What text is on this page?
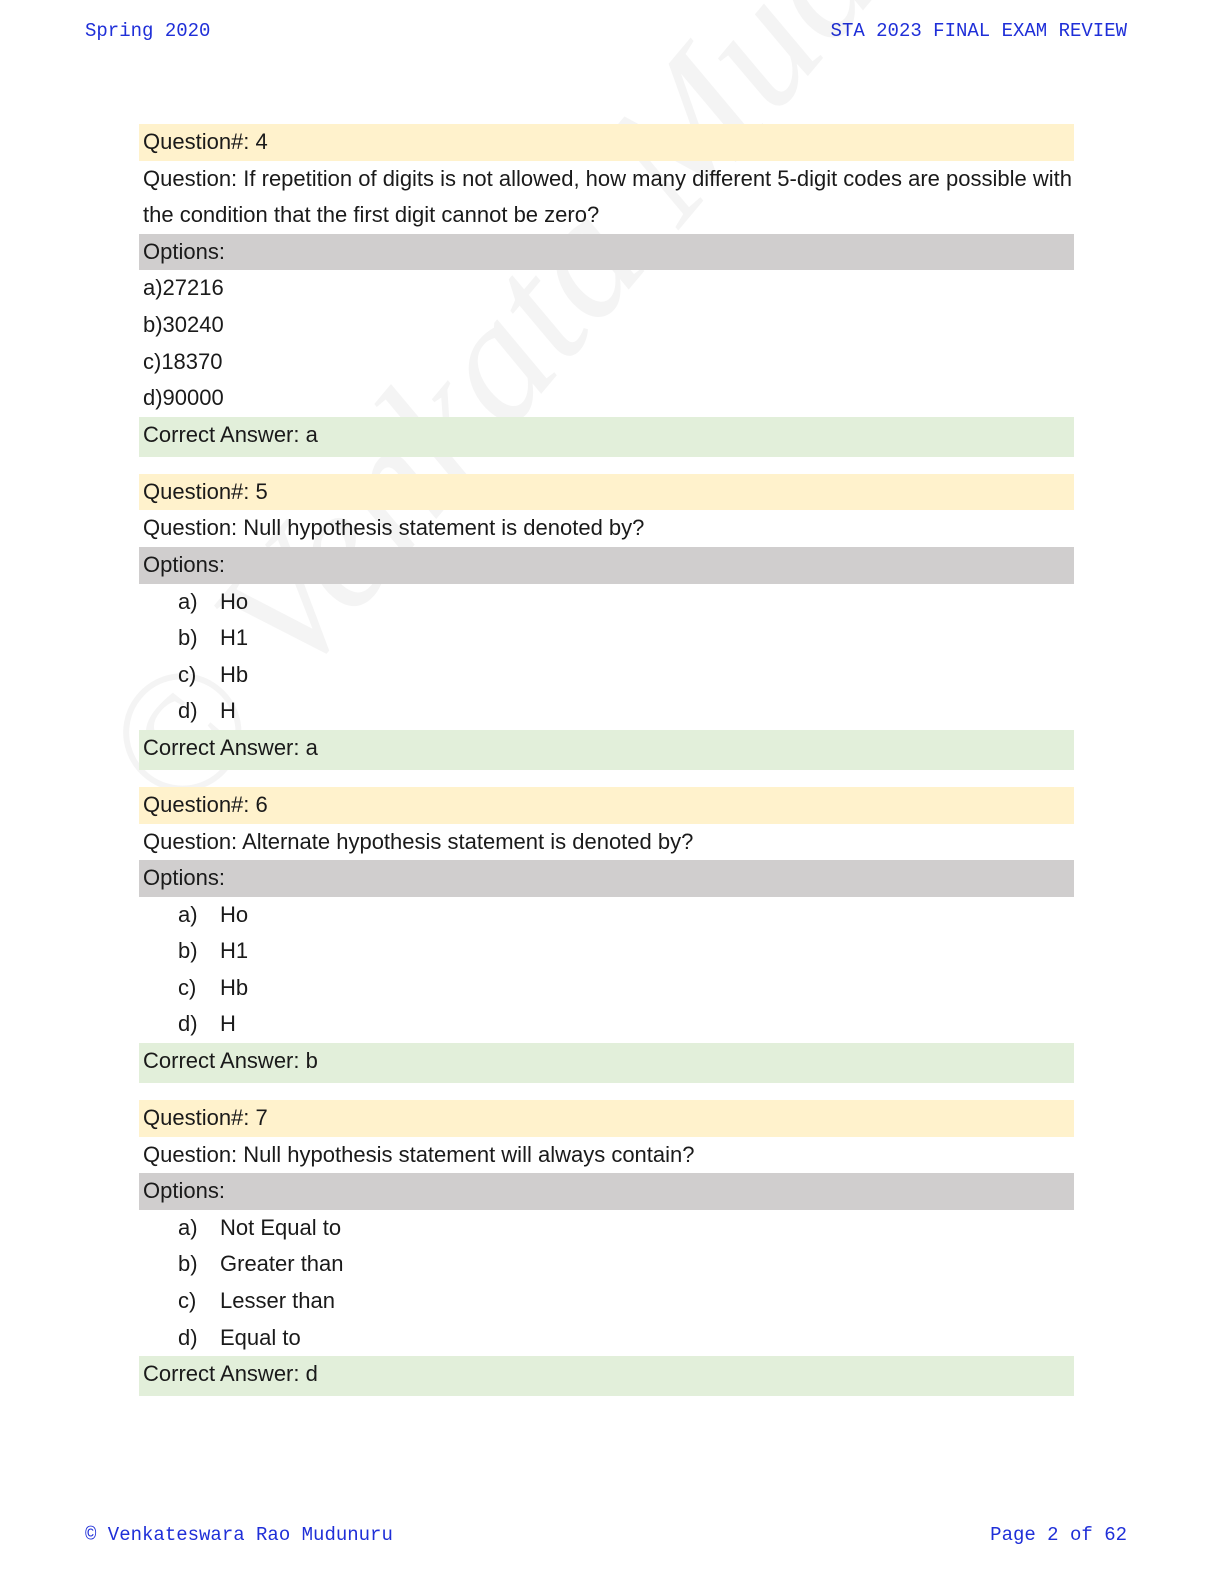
Spring 2020	STA 2023 FINAL EXAM REVIEW
Question#: 4
Question: If repetition of digits is not allowed, how many different 5-digit codes are possible with the condition that the first digit cannot be zero?
Options:
a)27216
b)30240
c)18370
d)90000
Correct Answer: a
Question#: 5
Question: Null hypothesis statement is denoted by?
Options:
a) Ho
b) H1
c) Hb
d) H
Correct Answer: a
Question#: 6
Question: Alternate hypothesis statement is denoted by?
Options:
a) Ho
b) H1
c) Hb
d) H
Correct Answer: b
Question#: 7
Question: Null hypothesis statement will always contain?
Options:
a) Not Equal to
b) Greater than
c) Lesser than
d) Equal to
Correct Answer: d
© Venkateswara Rao Mudunuru	Page 2 of 62
